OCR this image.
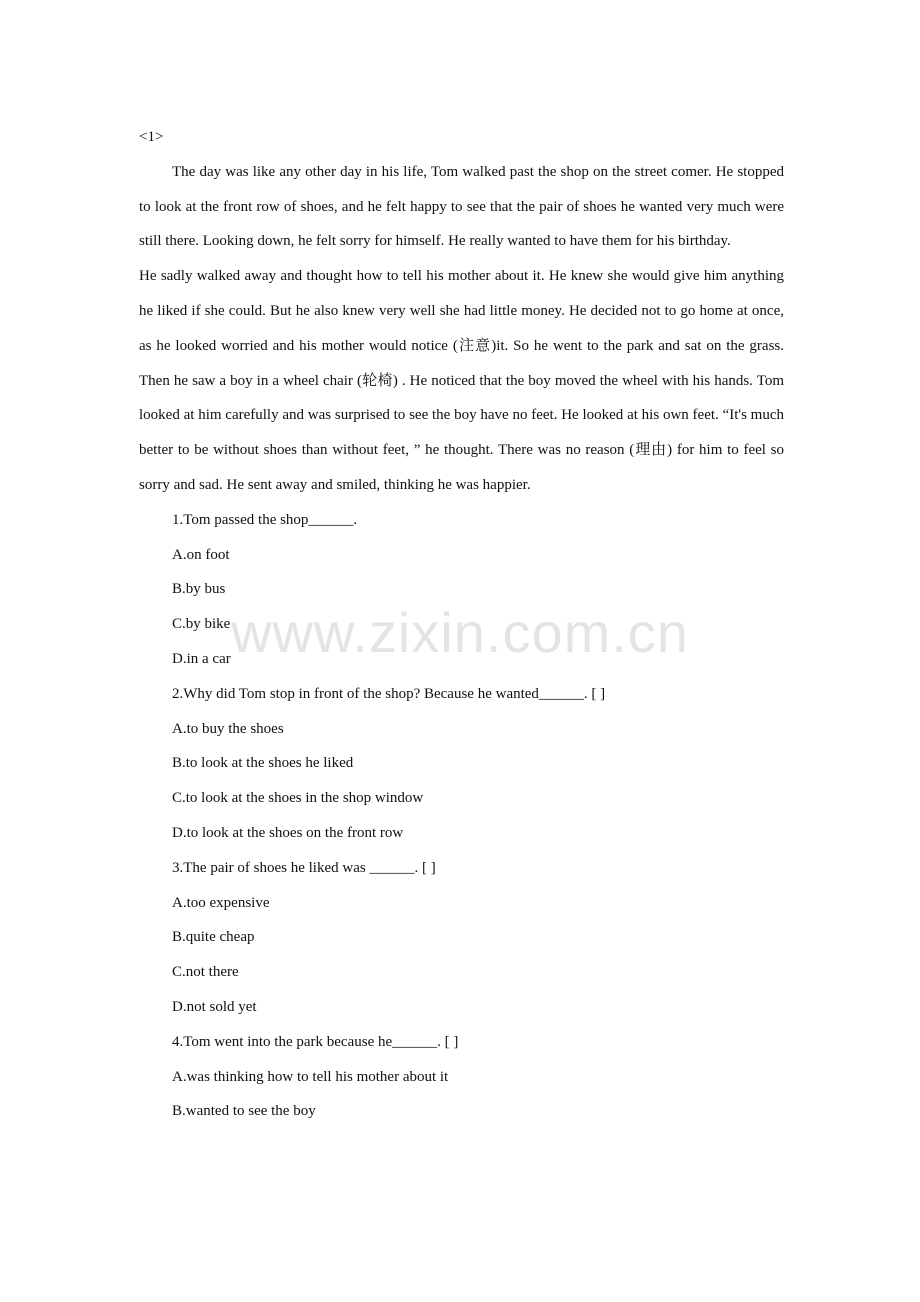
<1>

The day was like any other day in his life, Tom walked past the shop on the street comer. He stopped to look at the front row of shoes, and he felt happy to see that the pair of shoes he wanted very much were still there. Looking down, he felt sorry for himself. He really wanted to have them for his birthday.

He sadly walked away and thought how to tell his mother about it. He knew she would give him anything he liked if she could. But he also knew very well she had little money. He decided not to go home at once, as he looked worried and his mother would notice (注意)it. So he went to the park and sat on the grass. Then he saw a boy in a wheel chair (轮椅) . He noticed that the boy moved the wheel with his hands. Tom looked at him carefully and was surprised to see the boy have no feet. He looked at his own feet. “It's much better to be without shoes than without feet, ” he thought. There was no reason (理由) for him to feel so sorry and sad. He sent away and smiled, thinking he was happier.

1.Tom passed the shop______.

A.on foot

B.by bus

C.by bike

D.in a car

2.Why did Tom stop in front of the shop? Because he wanted______. [ ]

A.to buy the shoes

B.to look at the shoes he liked

C.to look at the shoes in the shop window

D.to look at the shoes on the front row

3.The pair of shoes he liked was ______. [ ]

A.too expensive

B.quite cheap

C.not there

D.not sold yet

4.Tom went into the park because he______. [ ]

A.was thinking how to tell his mother about it

B.wanted to see the boy

www.zixin.com.cn
